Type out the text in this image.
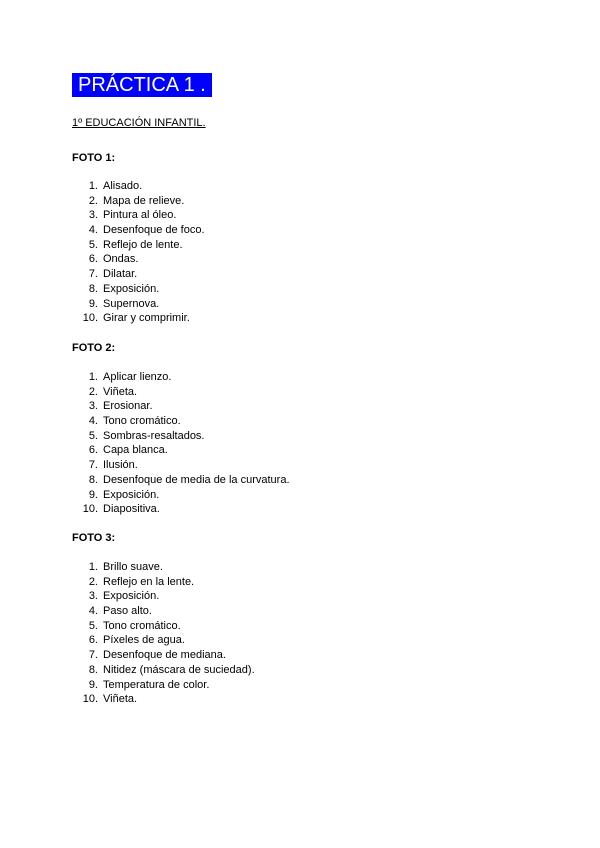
PRÁCTICA 1 .
1º EDUCACIÓN INFANTIL.
FOTO 1:
1. Alisado.
2. Mapa de relieve.
3. Pintura al óleo.
4. Desenfoque de foco.
5. Reflejo de lente.
6. Ondas.
7. Dilatar.
8. Exposición.
9. Supernova.
10. Girar y comprimir.
FOTO 2:
1. Aplicar lienzo.
2. Viñeta.
3. Erosionar.
4. Tono cromático.
5. Sombras-resaltados.
6. Capa blanca.
7. Ilusión.
8. Desenfoque de media de la curvatura.
9. Exposición.
10. Diapositiva.
FOTO 3:
1. Brillo suave.
2. Reflejo en la lente.
3. Exposición.
4. Paso alto.
5. Tono cromático.
6. Píxeles de agua.
7. Desenfoque de mediana.
8. Nitidez (máscara de suciedad).
9. Temperatura de color.
10. Viñeta.
